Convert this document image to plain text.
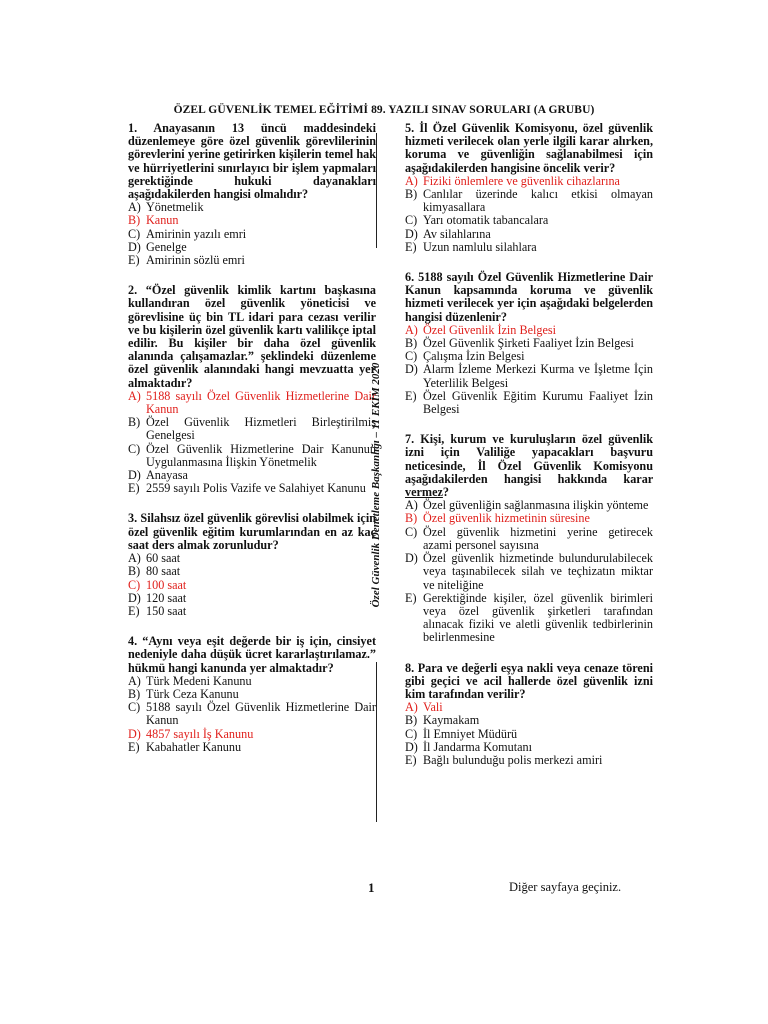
ÖZEL GÜVENLİK TEMEL EĞİTİMİ 89. YAZILI SINAV SORULARI (A GRUBU)
1. Anayasanın 13 üncü maddesindeki düzenlemeye göre özel güvenlik görevlilerinin görevlerini yerine getirirken kişilerin temel hak ve hürriyetlerini sınırlayıcı bir işlem yapmaları gerektiğinde hukuki dayanakları aşağıdakilerden hangisi olmalıdır?
A) Yönetmelik
B) Kanun
C) Amirinin yazılı emri
D) Genelge
E) Amirinin sözlü emri
2. “Özel güvenlik kimlik kartını başkasına kullandıran özel güvenlik yöneticisi ve görevlisine üç bin TL idari para cezası verilir ve bu kişilerin özel güvenlik kartı valilikçe iptal edilir. Bu kişiler bir daha özel güvenlik alanında çalışamazlar.” şeklindeki düzenleme özel güvenlik alanındaki hangi mevzuatta yer almaktadır?
A) 5188 sayılı Özel Güvenlik Hizmetlerine Dair Kanun
B) Özel Güvenlik Hizmetleri Birleştirilmiş Genelgesi
C) Özel Güvenlik Hizmetlerine Dair Kanunun Uygulanmasına İlişkin Yönetmelik
D) Anayasa
E) 2559 sayılı Polis Vazife ve Salahiyet Kanunu
3. Silahsız özel güvenlik görevlisi olabilmek için özel güvenlik eğitim kurumlarından en az kaç saat ders almak zorunludur?
A) 60 saat
B) 80 saat
C) 100 saat
D) 120 saat
E) 150 saat
4. “Aynı veya eşit değerde bir iş için, cinsiyet nedeniyle daha düşük ücret kararlaştırılamaz.” hükmü hangi kanunda yer almaktadır?
A) Türk Medeni Kanunu
B) Türk Ceza Kanunu
C) 5188 sayılı Özel Güvenlik Hizmetlerine Dair Kanun
D) 4857 sayılı İş Kanunu
E) Kabahatler Kanunu
Özel Güvenlik Denetleme Başkanlığı – 11 EKİM 2020
5. İl Özel Güvenlik Komisyonu, özel güvenlik hizmeti verilecek olan yerle ilgili karar alırken, koruma ve güvenliğin sağlanabilmesi için aşağıdakilerden hangisine öncelik verir?
A) Fiziki önlemlere ve güvenlik cihazlarına
B) Canlılar üzerinde kalıcı etkisi olmayan kimyasallara
C) Yarı otomatik tabancalara
D) Av silahlarına
E) Uzun namlulu silahlara
6. 5188 sayılı Özel Güvenlik Hizmetlerine Dair Kanun kapsamında koruma ve güvenlik hizmeti verilecek yer için aşağıdaki belgelerden hangisi düzenlenir?
A) Özel Güvenlik İzin Belgesi
B) Özel Güvenlik Şirketi Faaliyet İzin Belgesi
C) Çalışma İzin Belgesi
D) Alarm İzleme Merkezi Kurma ve İşletme İçin Yeterlilik Belgesi
E) Özel Güvenlik Eğitim Kurumu Faaliyet İzin Belgesi
7. Kişi, kurum ve kuruluşların özel güvenlik izni için Valiliğe yapacakları başvuru neticesinde, İl Özel Güvenlik Komisyonu aşağıdakilerden hangisi hakkında karar vermez?
A) Özel güvenliğin sağlanmasına ilişkin yönteme
B) Özel güvenlik hizmetinin süresine
C) Özel güvenlik hizmetini yerine getirecek azami personel sayısına
D) Özel güvenlik hizmetinde bulundurulabilecek veya taşınabilecek silah ve teçhizatın miktar ve niteliğine
E) Gerektiğinde kişiler, özel güvenlik birimleri veya özel güvenlik şirketleri tarafından alınacak fiziki ve aletli güvenlik tedbirlerinin belirlenmesine
8. Para ve değerli eşya nakli veya cenaze töreni gibi geçici ve acil hallerde özel güvenlik izni kim tarafından verilir?
A) Vali
B) Kaymakam
C) İl Emniyet Müdürü
D) İl Jandarma Komutanı
E) Bağlı bulunduğu polis merkezi amiri
1	Diğer sayfaya geçiniz.
